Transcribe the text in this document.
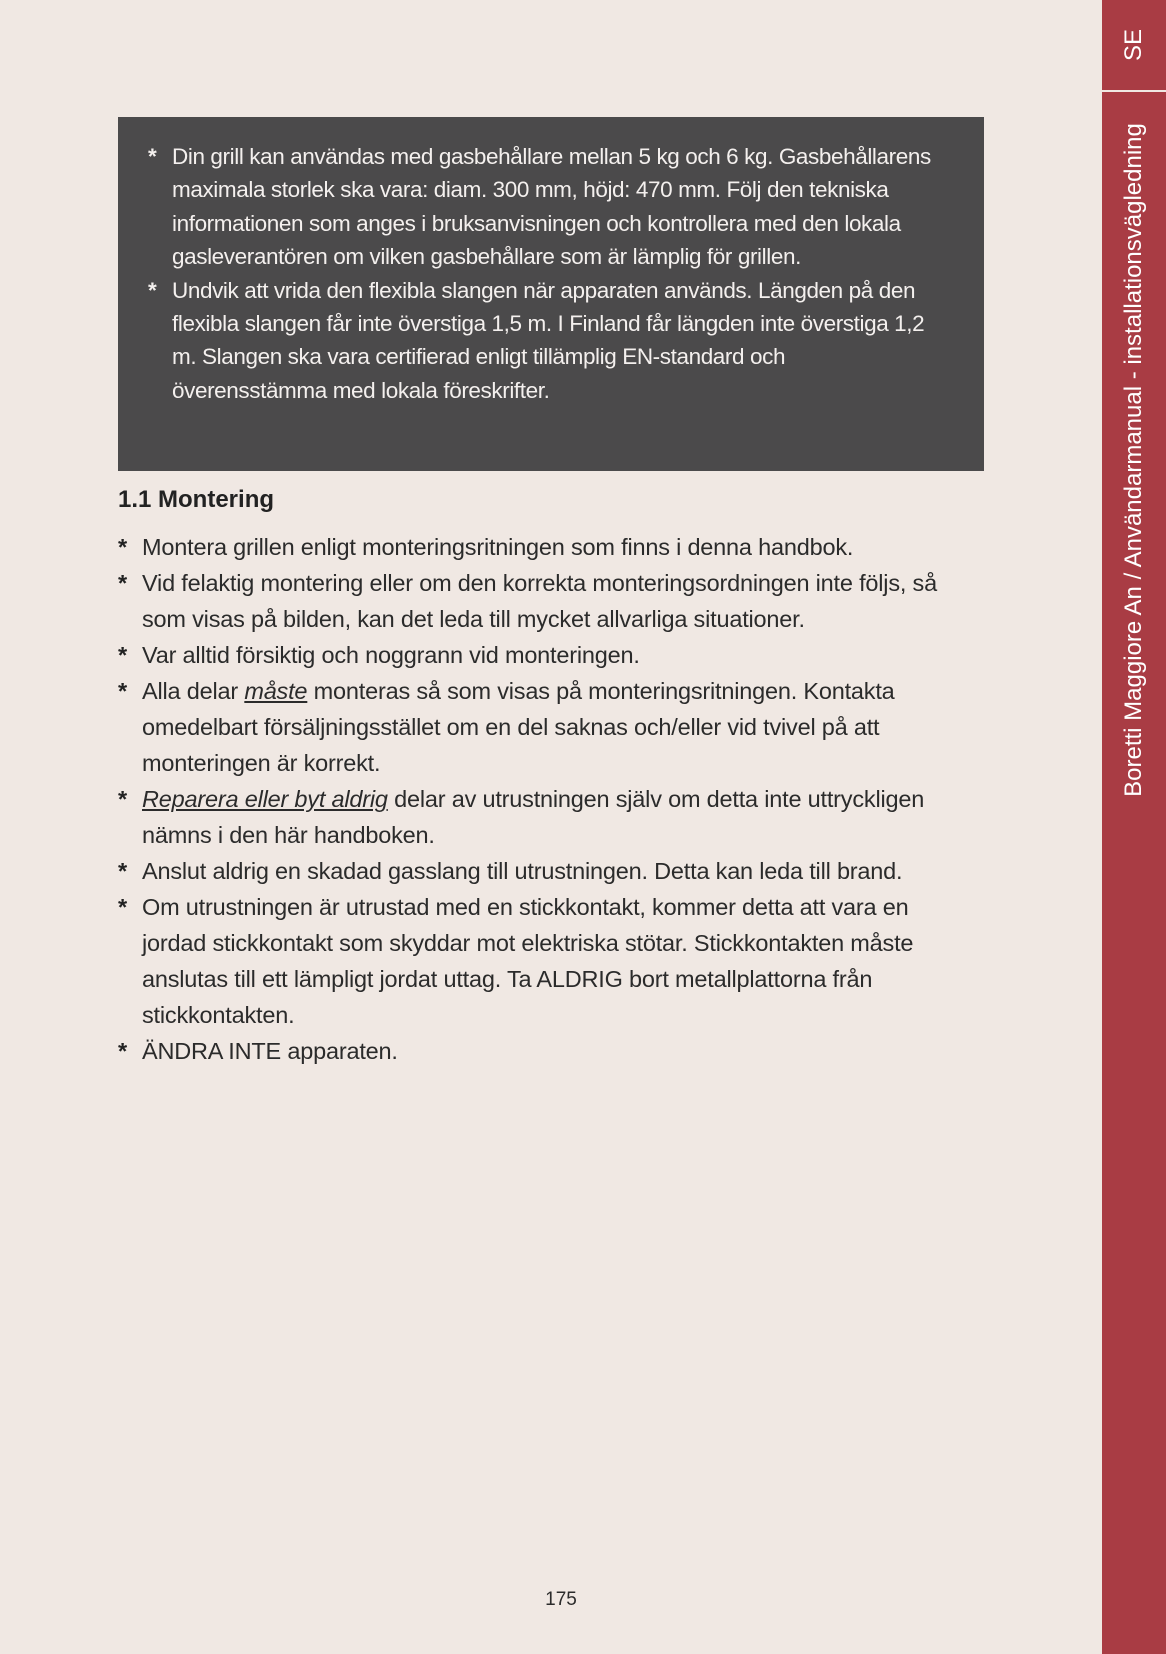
SE
Boretti Maggiore An / Användarmanual - installationsvägledning
* Din grill kan användas med gasbehållare mellan 5 kg och 6 kg. Gasbehållarens maximala storlek ska vara: diam. 300 mm, höjd: 470 mm. Följ den tekniska informationen som anges i bruksanvisningen och kontrollera med den lokala gasleverantören om vilken gasbehållare som är lämplig för grillen.
* Undvik att vrida den flexibla slangen när apparaten används. Längden på den flexibla slangen får inte överstiga 1,5 m. I Finland får längden inte överstiga 1,2 m. Slangen ska vara certifierad enligt tillämplig EN-standard och överensstämma med lokala föreskrifter.
1.1 Montering
* Montera grillen enligt monteringsritningen som finns i denna handbok.
* Vid felaktig montering eller om den korrekta monteringsordningen inte följs, så som visas på bilden, kan det leda till mycket allvarliga situationer.
* Var alltid försiktig och noggrann vid monteringen.
* Alla delar måste monteras så som visas på monteringsritningen. Kontakta omedelbart försäljningsstället om en del saknas och/eller vid tvivel på att monteringen är korrekt.
* Reparera eller byt aldrig delar av utrustningen själv om detta inte uttryckligen nämns i den här handboken.
* Anslut aldrig en skadad gasslang till utrustningen. Detta kan leda till brand.
* Om utrustningen är utrustad med en stickkontakt, kommer detta att vara en jordad stickkontakt som skyddar mot elektriska stötar. Stickkontakten måste anslutas till ett lämpligt jordat uttag. Ta ALDRIG bort metallplattorna från stickkontakten.
* ÄNDRA INTE apparaten.
175
